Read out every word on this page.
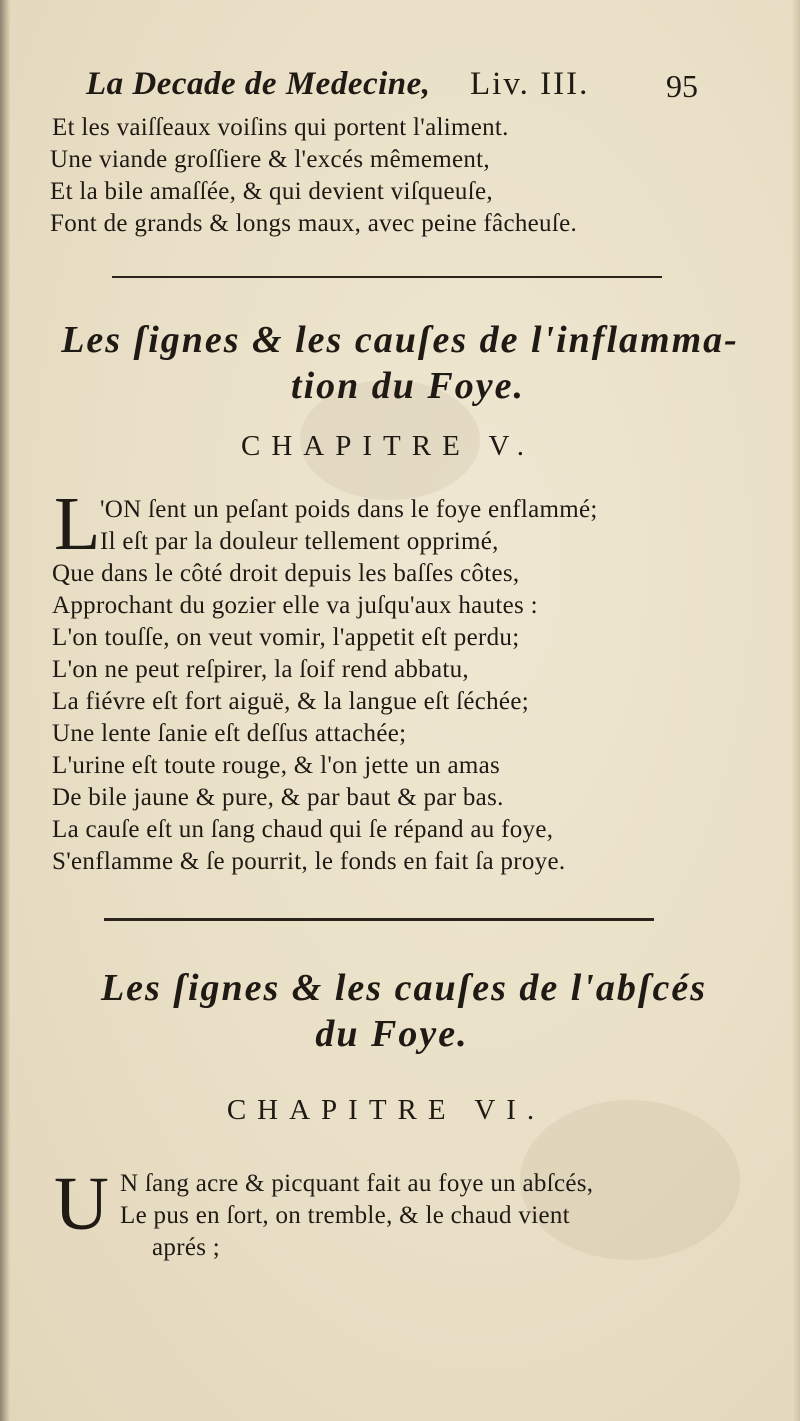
La Decade de Medecine, Liv. III. 95
Et les vaiſſeaux voiſins qui portent l'aliment.
Une viande groſſiere & l'excés mêmement,
Et la bile amaſſée, & qui devient viſqueuſe,
Font de grands & longs maux, avec peine fâcheuſe.
Les ſignes & les cauſes de l'inflamma-
tion du Foye.
CHAPITRE V.
L 'ON ſent un peſant poids dans le foye enflammé;
Il eſt par la douleur tellement opprimé,
Que dans le côté droit depuis les baſſes côtes,
Approchant du gozier elle va juſqu'aux hautes :
L'on touſſe, on veut vomir, l'appetit eſt perdu;
L'on ne peut reſpirer, la ſoif rend abbatu,
La fiévre eſt fort aiguë, & la langue eſt ſéchée;
Une lente ſanie eſt deſſus attachée;
L'urine eſt toute rouge, & l'on jette un amas
De bile jaune & pure, & par baut & par bas.
La cauſe eſt un ſang chaud qui ſe répand au foye,
S'enflamme & ſe pourrit, le fonds en fait ſa proye.
Les ſignes & les cauſes de l'abſcés
du Foye.
CHAPITRE VI.
U N ſang acre & picquant fait au foye un abſcés,
Le pus en ſort, on tremble, & le chaud vient
aprés ;
